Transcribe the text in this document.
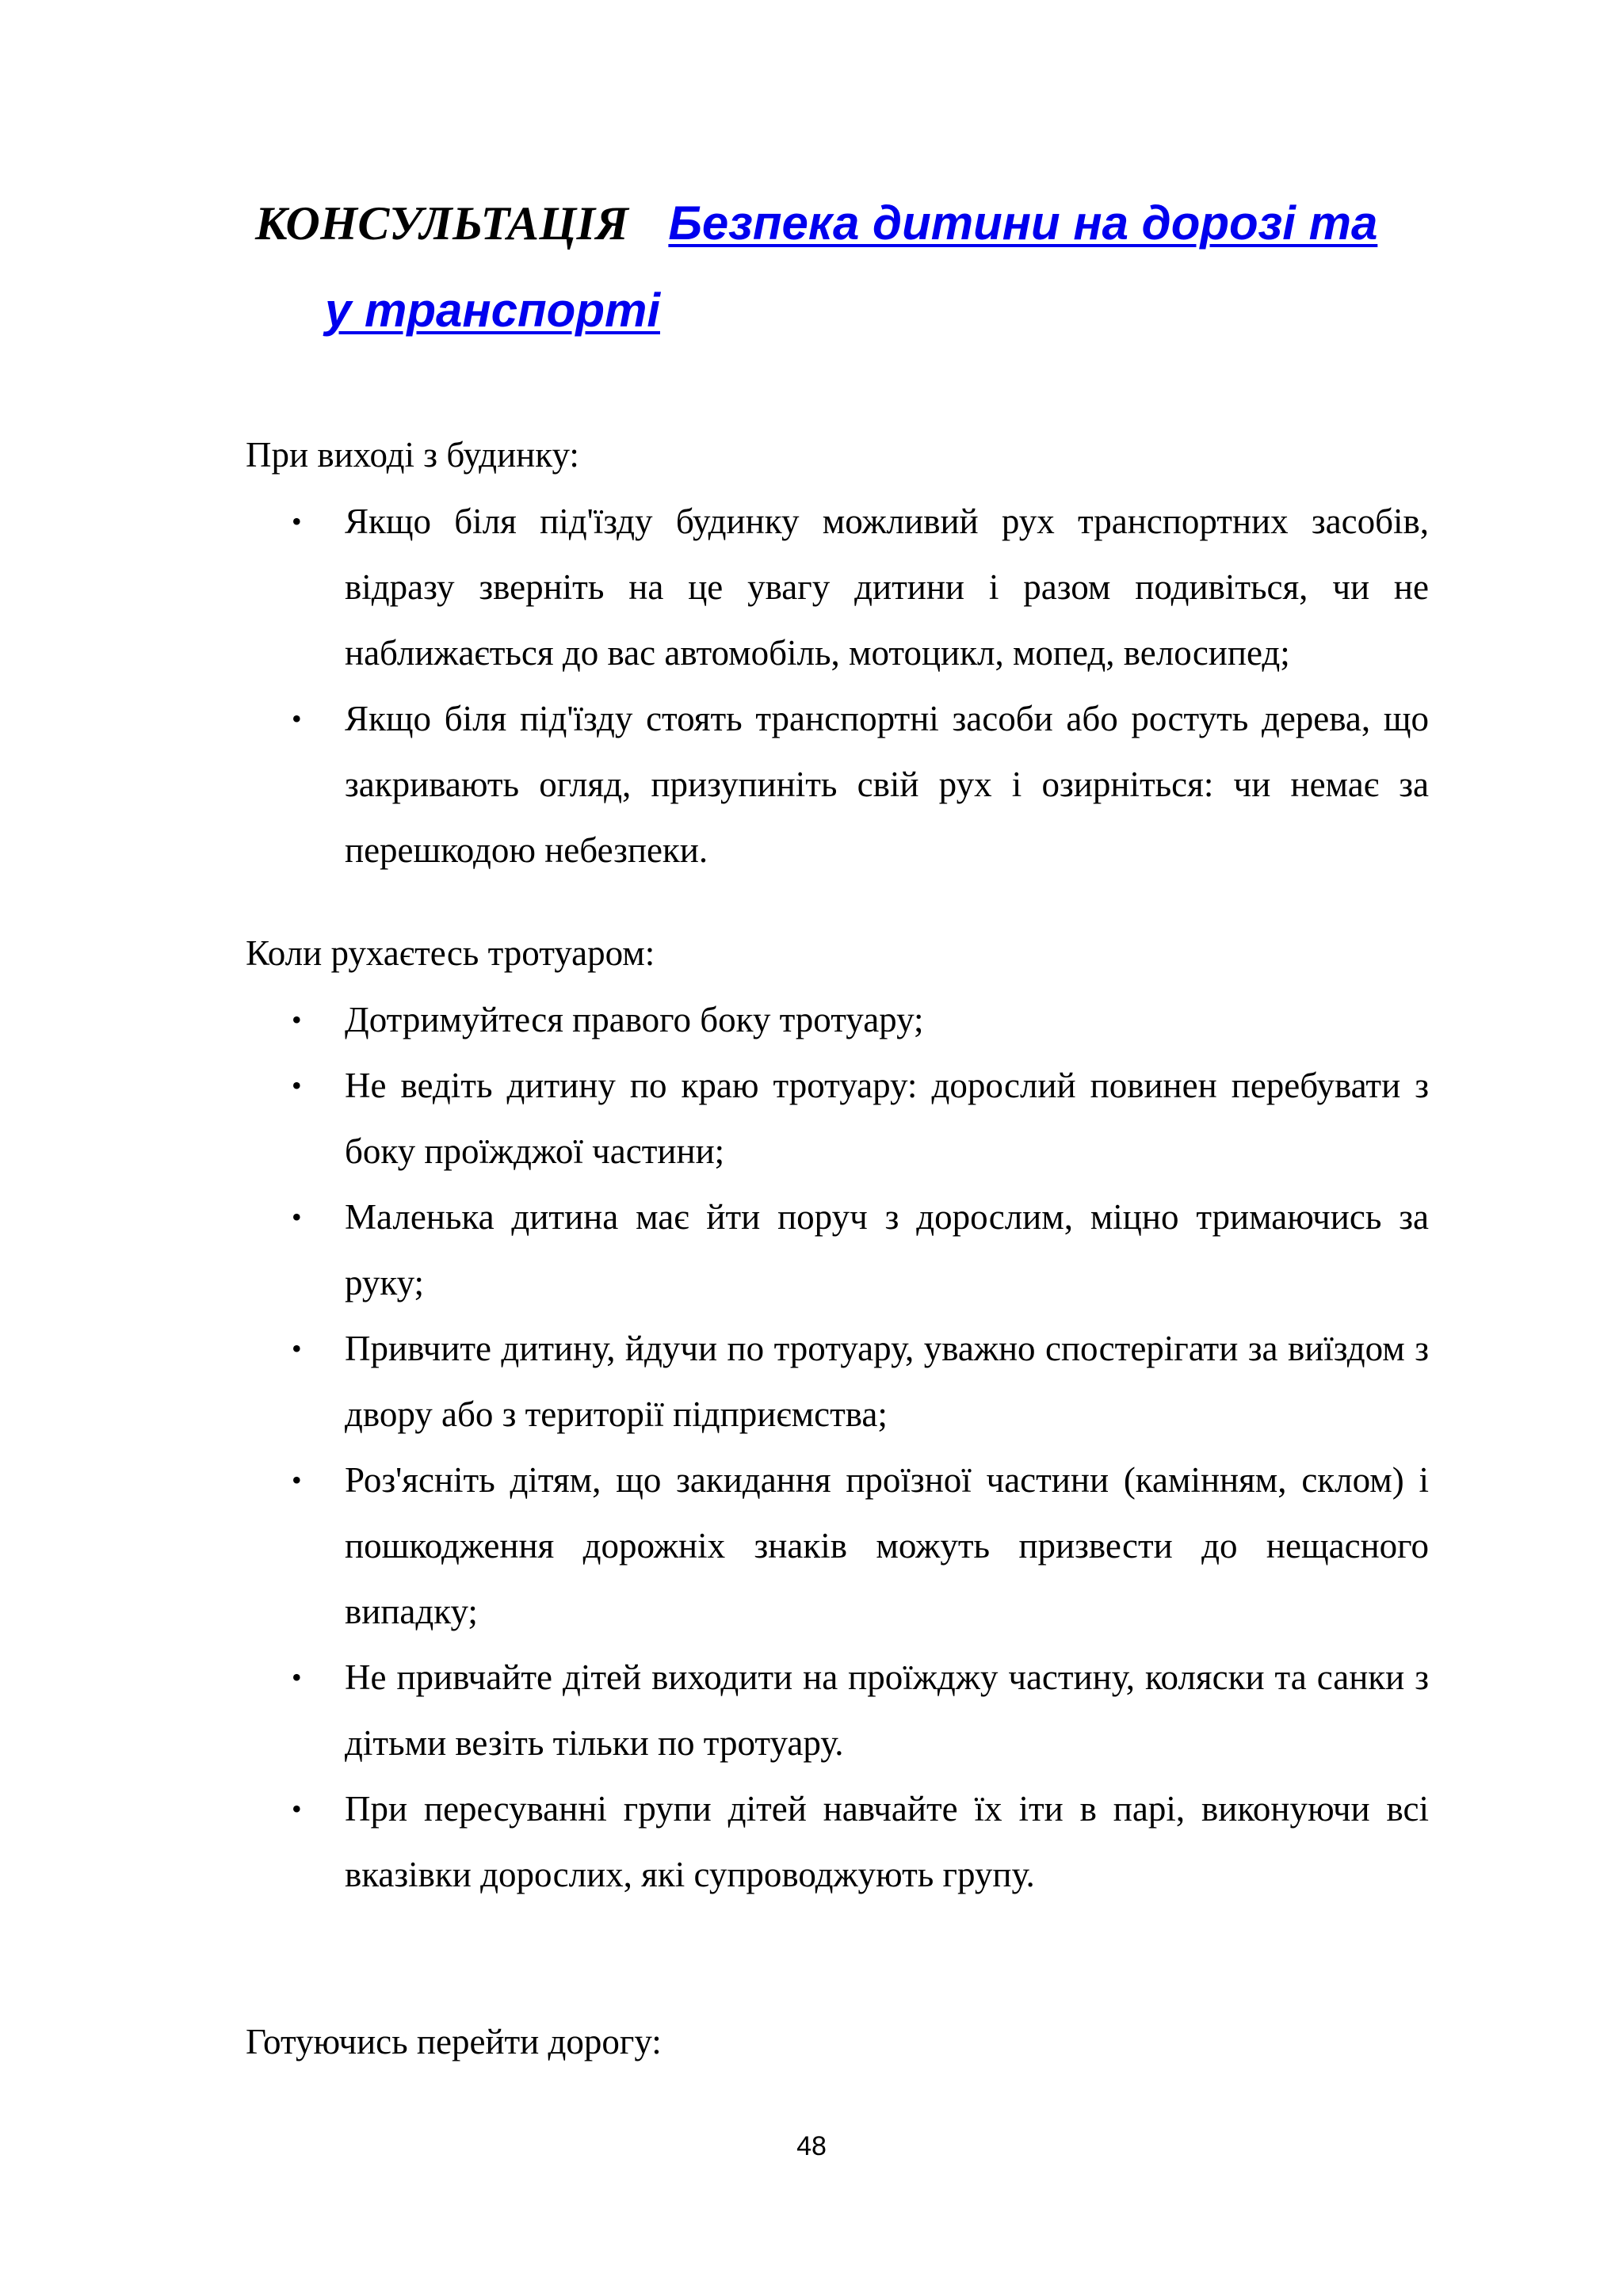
КОНСУЛЬТАЦІЯ Безпека дитини на дорозі та
у транспорті

При виході з будинку:

• Якщо біля під'їзду будинку можливий рух транспортних засобів, відразу зверніть на це увагу дитини і разом подивіться, чи не наближається до вас автомобіль, мотоцикл, мопед, велосипед;
• Якщо біля під'їзду стоять транспортні засоби або ростуть дерева, що закривають огляд, призупиніть свій рух і озирніться: чи немає за перешкодою небезпеки.

Коли рухаєтесь тротуаром:

• Дотримуйтеся правого боку тротуару;
• Не ведіть дитину по краю тротуару: дорослий повинен перебувати з боку проїжджої частини;
• Маленька дитина має йти поруч з дорослим, міцно тримаючись за руку;
• Привчите дитину, йдучи по тротуару, уважно спостерігати за виїздом з двору або з території підприємства;
• Роз'ясніть дітям, що закидання проїзної частини (камінням, склом) і пошкодження дорожніх знаків можуть призвести до нещасного випадку;
• Не привчайте дітей виходити на проїжджу частину, коляски та санки з дітьми везіть тільки по тротуару.
• При пересуванні групи дітей навчайте їх іти в парі, виконуючи всі вказівки дорослих, які супроводжують групу.

Готуючись перейти дорогу:

48
